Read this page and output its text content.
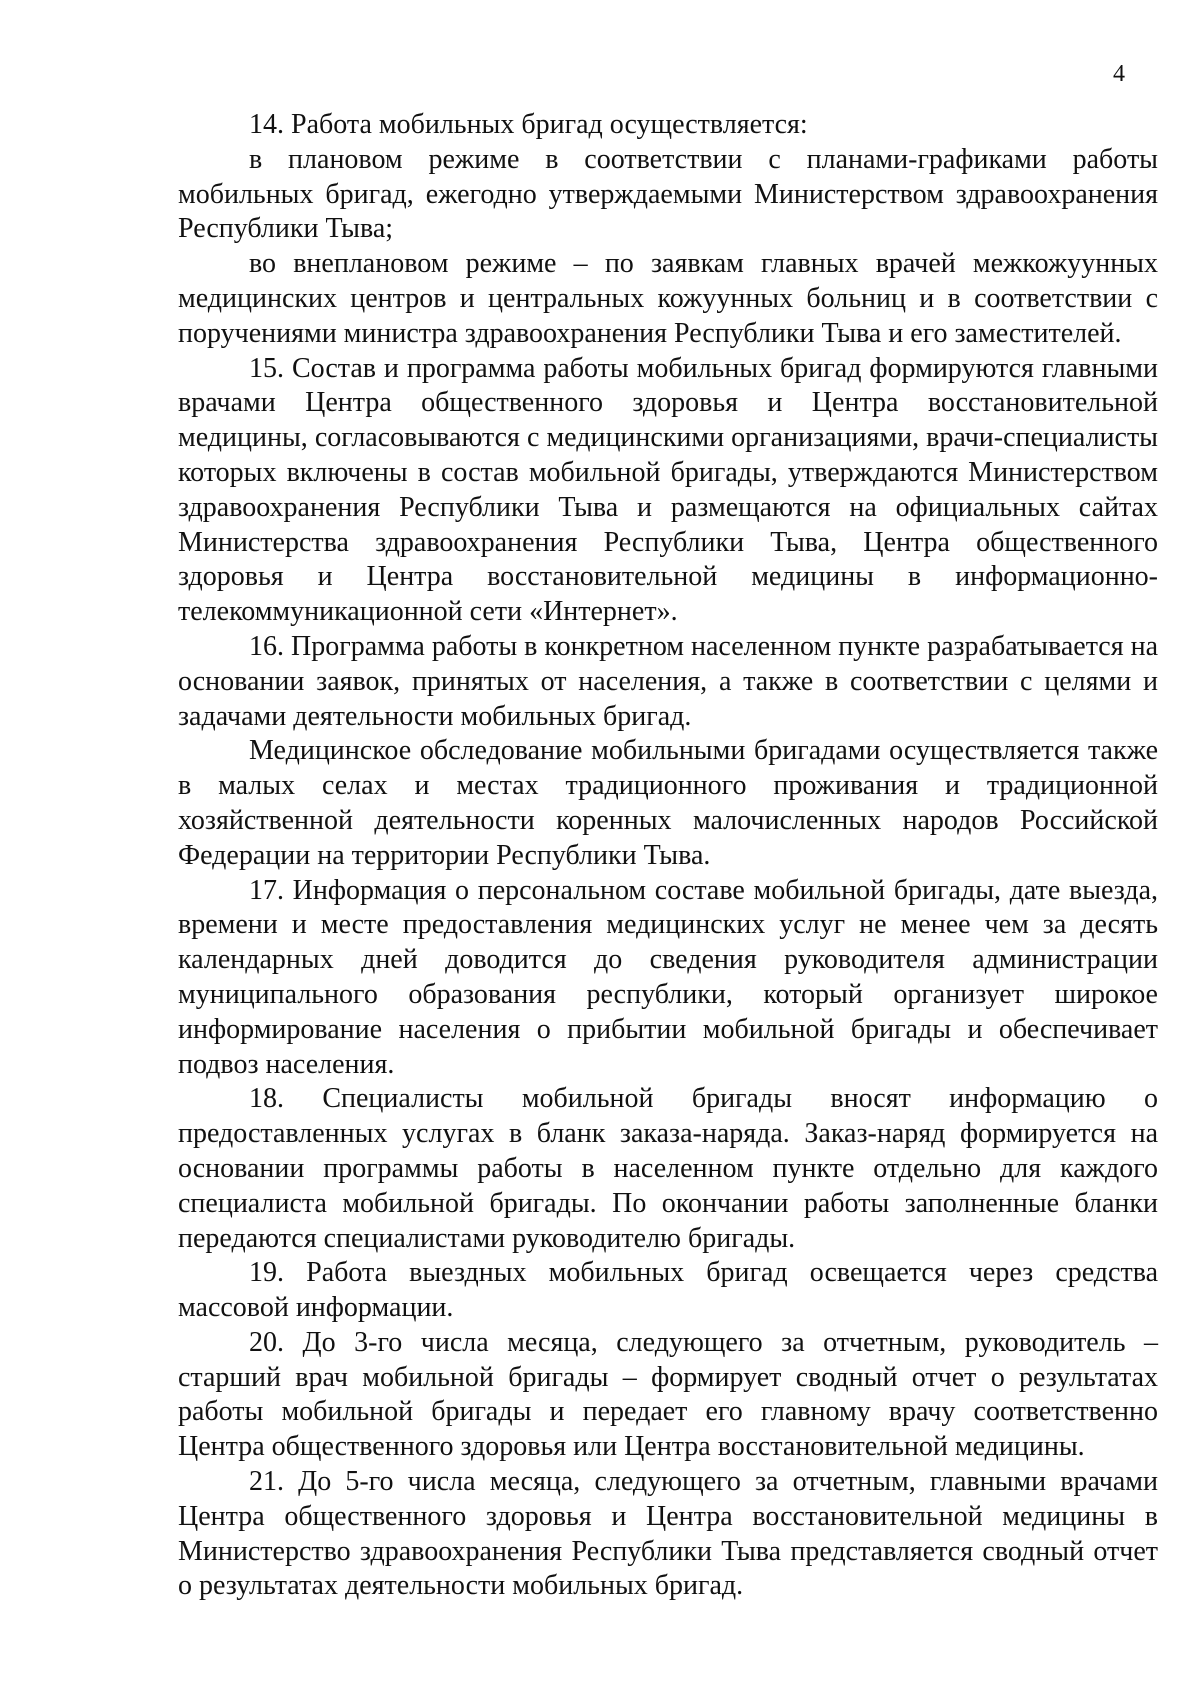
4

14. Работа мобильных бригад осуществляется:

в плановом режиме в соответствии с планами-графиками работы мобильных бригад, ежегодно утверждаемыми Министерством здравоохранения Республики Тыва;

во внеплановом режиме – по заявкам главных врачей межкожуунных медицинских центров и центральных кожуунных больниц и в соответствии с поручениями министра здравоохранения Республики Тыва и его заместителей.

15. Состав и программа работы мобильных бригад формируются главными врачами Центра общественного здоровья и Центра восстановительной медицины, согласовываются с медицинскими организациями, врачи-специалисты которых включены в состав мобильной бригады, утверждаются Министерством здравоохранения Республики Тыва и размещаются на официальных сайтах Министерства здравоохранения Республики Тыва, Центра общественного здоровья и Центра восстановительной медицины в информационно-телекоммуникационной сети «Интернет».

16. Программа работы в конкретном населенном пункте разрабатывается на основании заявок, принятых от населения, а также в соответствии с целями и задачами деятельности мобильных бригад.

Медицинское обследование мобильными бригадами осуществляется также в малых селах и местах традиционного проживания и традиционной хозяйственной деятельности коренных малочисленных народов Российской Федерации на территории Республики Тыва.

17. Информация о персональном составе мобильной бригады, дате выезда, времени и месте предоставления медицинских услуг не менее чем за десять календарных дней доводится до сведения руководителя администрации муниципального образования республики, который организует широкое информирование населения о прибытии мобильной бригады и обеспечивает подвоз населения.

18. Специалисты мобильной бригады вносят информацию о предоставленных услугах в бланк заказа-наряда. Заказ-наряд формируется на основании программы работы в населенном пункте отдельно для каждого специалиста мобильной бригады. По окончании работы заполненные бланки передаются специалистами руководителю бригады.

19. Работа выездных мобильных бригад освещается через средства массовой информации.

20. До 3-го числа месяца, следующего за отчетным, руководитель – старший врач мобильной бригады – формирует сводный отчет о результатах работы мобильной бригады и передает его главному врачу соответственно Центра общественного здоровья или Центра восстановительной медицины.

21. До 5-го числа месяца, следующего за отчетным, главными врачами Центра общественного здоровья и Центра восстановительной медицины в Министерство здравоохранения Республики Тыва представляется сводный отчет о результатах деятельности мобильных бригад.
